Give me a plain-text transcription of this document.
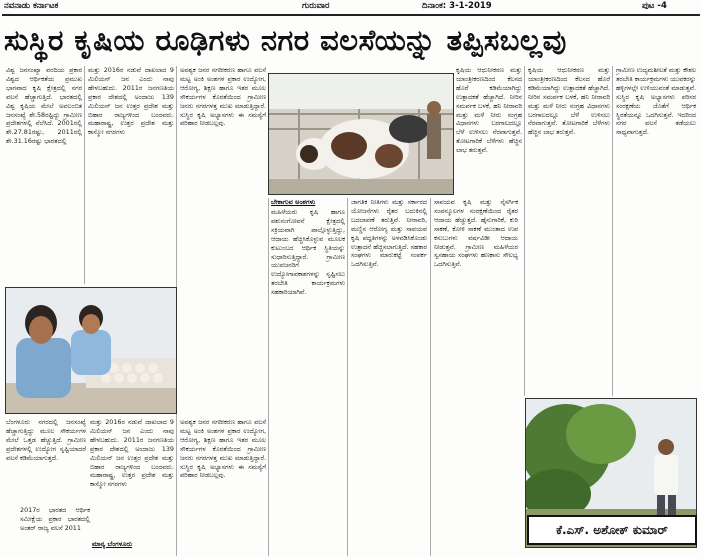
ನವನಾಡು ಕರ್ನಾಟಕ	ಗುರುವಾರ	ದಿನಾಂಕ: 3-1-2019	ಪುಟ -4
ಸುಸ್ಥಿರ ಕೃಷಿಯ ರೂಢಿಗಳು ನಗರ ವಲಸೆಯನ್ನು ತಪ್ಪಿಸಬಲ್ಲವು
ವಿಶ್ವ ಜನಸಂಖ್ಯಾ ವರದಿಯ ಪ್ರಕಾರ ವಿಶ್ವದ ಆರ್ಥಿಕತೆಯ ಪ್ರಮುಖ ಭಾಗವಾದ ಕೃಷಿ ಕ್ಷೇತ್ರದಲ್ಲಿ ನಗರ ವಲಸೆ ಹೆಚ್ಚಾಗುತ್ತಿದೆ. ಭಾರತದಲ್ಲಿ ವಿಶ್ವ ಕೃಷಿಯ ಮೇಲೆ ಅವಲಂಬಿತ ಜನಸಂಖ್ಯೆ ಶೇ.58ರಷ್ಟಿದ್ದು ಗ್ರಾಮೀಣ ಪ್ರದೇಶಗಳಲ್ಲಿ ನೆಲೆಸಿದೆ. 2001ರಲ್ಲಿ ಶೇ.27.81ರಷ್ಟು, 2011ರಲ್ಲಿ ಶೇ.31.16ರಷ್ಟು ಭಾರತದಲ್ಲಿ
ಮತ್ತು 2016ರ ನಡುವೆ ದಾಖಲಾದ 9 ಮಿಲಿಯನ್ ಜನ ಎಂದು ನಾವು ಹೇಳಬಹುದು. 2011ರ ಜನಗಣತಿಯ ಪ್ರಕಾರ ದೇಶದಲ್ಲಿ ಅಂದಾಜು 139 ಮಿಲಿಯನ್ ಜನ ಉತ್ತರ ಪ್ರದೇಶ ಮತ್ತು ಬಿಹಾರ ರಾಜ್ಯಗಳಿಂದ ಬಂದವರು. ಮಹಾರಾಷ್ಟ್ರ, ಉತ್ತರ ಪ್ರದೇಶ ಮತ್ತು ಕಾಸ್ಮೋ ನಗರಗಳು
ಅವಶ್ಯಕ ಜನರ ನಗರೀಕರಣ ಹಾಗೂ ವಲಸೆ ಮಟ್ಟ ಅಂಕಿ ಅಂಶಗಳ ಪ್ರಕಾರ ಉದ್ಯೋಗ, ಆರೋಗ್ಯ, ಶಿಕ್ಷಣ ಹಾಗೂ ಇತರ ಮೂಲ ಸೌಕರ್ಯಗಳ ಕೊರತೆಯಿಂದ ಗ್ರಾಮೀಣ ಜನರು ನಗರಗಳತ್ತ ಮುಖ ಮಾಡುತ್ತಿದ್ದಾರೆ. ಸುಸ್ಥಿರ ಕೃಷಿ ಅಭ್ಯಾಸಗಳು ಈ ಸಮಸ್ಯೆಗೆ ಪರಿಹಾರ ನೀಡಬಲ್ಲವು.
ಬೇಕಾಗುವ ಅಂಶಗಳು
ಮಹಿಳೆಯರು ಕೃಷಿ ಹಾಗೂ ಪಶುಸಂಗೋಪನೆ ಕ್ಷೇತ್ರದಲ್ಲಿ ಸಕ್ರಿಯವಾಗಿ ಪಾಲ್ಗೊಳ್ಳುತ್ತಿದ್ದು, ಆದಾಯ ಹೆಚ್ಚಿಸಿಕೊಳ್ಳುವ ಮೂಲಕ ಕುಟುಂಬದ ಆರ್ಥಿಕ ಸ್ಥಿತಿಯನ್ನು ಸುಧಾರಿಸುತ್ತಿದ್ದಾರೆ. ಗ್ರಾಮೀಣ ಯುವಜನರಿಗೆ ಉದ್ಯೋಗಾವಕಾಶಗಳನ್ನು ಸೃಷ್ಟಿಸಲು ತರಬೇತಿ ಕಾರ್ಯಕ್ರಮಗಳು ಸಹಕಾರಿಯಾಗಿವೆ.
ಜಾಗತಿಕ ನೀತಿಗಳು ಮತ್ತು ಸರ್ಕಾರದ ಯೋಜನೆಗಳು ರೈತರ ಬದುಕಿನಲ್ಲಿ ಬದಲಾವಣೆ ತರುತ್ತಿವೆ. ನೀರಾವರಿ, ಮಣ್ಣಿನ ಆರೋಗ್ಯ ಮತ್ತು ಸಾವಯವ ಕೃಷಿ ಪದ್ಧತಿಗಳನ್ನು ಅಳವಡಿಸಿಕೊಂಡು ಉತ್ಪಾದನೆ ಹೆಚ್ಚಿಸಲಾಗುತ್ತಿದೆ. ಸಹಕಾರ ಸಂಘಗಳು ಮಾರುಕಟ್ಟೆ ಸಂಪರ್ಕ ಒದಗಿಸುತ್ತಿವೆ.
ಸಾವಯವ ಕೃಷಿ ಮತ್ತು ನೈಸರ್ಗಿಕ ಸಂಪನ್ಮೂಲಗಳ ಸಂರಕ್ಷಣೆಯಿಂದ ರೈತರ ಆದಾಯ ಹೆಚ್ಚುತ್ತದೆ. ಹೈನುಗಾರಿಕೆ, ಕುರಿ ಸಾಕಣೆ, ಕೋಳಿ ಸಾಕಣೆ ಮುಂತಾದ ಉಪ ಕಸುಬುಗಳು ವರ್ಷವಿಡೀ ಆದಾಯ ನೀಡುತ್ತವೆ. ಗ್ರಾಮೀಣ ಮಹಿಳೆಯರ ಸ್ವಸಹಾಯ ಸಂಘಗಳು ಹಣಕಾಸು ಸೌಲಭ್ಯ ಒದಗಿಸುತ್ತಿವೆ.
ಕೃಷಿಯ ಆಧುನೀಕರಣ ಮತ್ತು ಯಾಂತ್ರೀಕರಣದಿಂದ ಕೆಲಸದ ಹೊರೆ ಕಡಿಮೆಯಾಗಿದ್ದು ಉತ್ಪಾದಕತೆ ಹೆಚ್ಚಾಗಿದೆ. ನೀರಿನ ಸಮರ್ಪಕ ಬಳಕೆ, ಹನಿ ನೀರಾವರಿ ಮತ್ತು ಮಳೆ ನೀರು ಸಂಗ್ರಹ ವಿಧಾನಗಳು ಬರಗಾಲದಲ್ಲೂ ಬೆಳೆ ಉಳಿಸಲು ನೆರವಾಗುತ್ತವೆ. ತೋಟಗಾರಿಕೆ ಬೆಳೆಗಳು ಹೆಚ್ಚಿನ ಲಾಭ ತರುತ್ತವೆ.
ಕೃಷಿಯ ಆಧುನೀಕರಣ ಮತ್ತು ಯಾಂತ್ರೀಕರಣದಿಂದ ಕೆಲಸದ ಹೊರೆ ಕಡಿಮೆಯಾಗಿದ್ದು ಉತ್ಪಾದಕತೆ ಹೆಚ್ಚಾಗಿದೆ. ನೀರಿನ ಸಮರ್ಪಕ ಬಳಕೆ, ಹನಿ ನೀರಾವರಿ ಮತ್ತು ಮಳೆ ನೀರು ಸಂಗ್ರಹ ವಿಧಾನಗಳು ಬರಗಾಲದಲ್ಲೂ ಬೆಳೆ ಉಳಿಸಲು ನೆರವಾಗುತ್ತವೆ. ತೋಟಗಾರಿಕೆ ಬೆಳೆಗಳು ಹೆಚ್ಚಿನ ಲಾಭ ತರುತ್ತವೆ.
ಗ್ರಾಮೀಣ ಉದ್ಯಮಶೀಲತೆ ಮತ್ತು ಕೌಶಲ ತರಬೇತಿ ಕಾರ್ಯಕ್ರಮಗಳು ಯುವಕರನ್ನು ಹಳ್ಳಿಗಳಲ್ಲೇ ಉಳಿಯುವಂತೆ ಮಾಡುತ್ತವೆ. ಸುಸ್ಥಿರ ಕೃಷಿ ಅಭ್ಯಾಸಗಳು ಪರಿಸರ ಸಂರಕ್ಷಣೆಯ ಜೊತೆಗೆ ಆರ್ಥಿಕ ಸ್ಥಿರತೆಯನ್ನೂ ಒದಗಿಸುತ್ತವೆ. ಇದರಿಂದ ನಗರ ವಲಸೆ ತಡೆಯಲು ಸಾಧ್ಯವಾಗುತ್ತದೆ.
ಬೆಂಗಳೂರು ನಗರದಲ್ಲಿ ಜನಸಂಖ್ಯೆ ಹೆಚ್ಚಾಗುತ್ತಿದ್ದು ಮೂಲ ಸೌಕರ್ಯಗಳ ಮೇಲೆ ಒತ್ತಡ ಹೆಚ್ಚುತ್ತಿದೆ. ಗ್ರಾಮೀಣ ಪ್ರದೇಶಗಳಲ್ಲಿ ಉದ್ಯೋಗ ಸೃಷ್ಟಿಯಾದರೆ ವಲಸೆ ಕಡಿಮೆಯಾಗುತ್ತದೆ.
2017ರ ಭಾರತದ ಆರ್ಥಿಕ ಸಮೀಕ್ಷೆಯ ಪ್ರಕಾರ ಭಾರತದಲ್ಲಿ ಅಂತರ್ ರಾಜ್ಯ ವಲಸೆ 2011
ಮತ್ತು 2016ರ ನಡುವೆ ದಾಖಲಾದ 9 ಮಿಲಿಯನ್ ಜನ ಎಂದು ನಾವು ಹೇಳಬಹುದು. 2011ರ ಜನಗಣತಿಯ ಪ್ರಕಾರ ದೇಶದಲ್ಲಿ ಅಂದಾಜು 139 ಮಿಲಿಯನ್ ಜನ ಉತ್ತರ ಪ್ರದೇಶ ಮತ್ತು ಬಿಹಾರ ರಾಜ್ಯಗಳಿಂದ ಬಂದವರು. ಮಹಾರಾಷ್ಟ್ರ, ಉತ್ತರ ಪ್ರದೇಶ ಮತ್ತು ಕಾಸ್ಮೋ ನಗರಗಳು
ಅವಶ್ಯಕ ಜನರ ನಗರೀಕರಣ ಹಾಗೂ ವಲಸೆ ಮಟ್ಟ ಅಂಕಿ ಅಂಶಗಳ ಪ್ರಕಾರ ಉದ್ಯೋಗ, ಆರೋಗ್ಯ, ಶಿಕ್ಷಣ ಹಾಗೂ ಇತರ ಮೂಲ ಸೌಕರ್ಯಗಳ ಕೊರತೆಯಿಂದ ಗ್ರಾಮೀಣ ಜನರು ನಗರಗಳತ್ತ ಮುಖ ಮಾಡುತ್ತಿದ್ದಾರೆ. ಸುಸ್ಥಿರ ಕೃಷಿ ಅಭ್ಯಾಸಗಳು ಈ ಸಮಸ್ಯೆಗೆ ಪರಿಹಾರ ನೀಡಬಲ್ಲವು.
ಮಾನ್ಯ ಬೆಂಗಳೂರು
ಕೆ.ಎಸ್. ಅಶೋಕ್ ಕುಮಾರ್
